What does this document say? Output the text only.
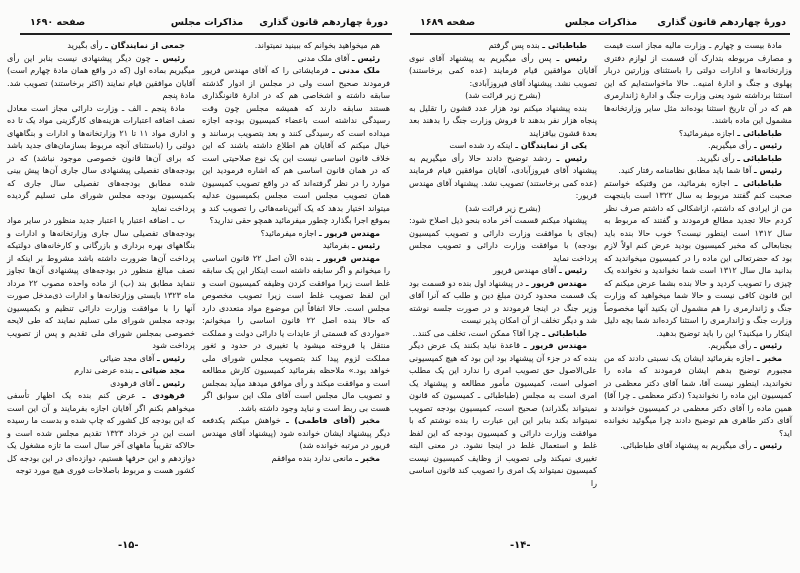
دورهٔ چهاردهم قانون گذاری
مذاکرات مجلس
صفحه ۱۶۹۰

هم میخواهید بخوانم که ببینید نمیتواند.

رئیس ـ آقای ملک مدنی

ملک مدنی ـ فرمایشاتی را که آقای مهندس فریور فرمودند صحیح است ولی در مجلس از ادوار گذشته سابقه داشته و اشخاصی هم که در ادارهٔ قانونگذاری هستند سابقه دارند که همیشه مجلس چون وقت رسیدگی نداشته است باعضاء کمیسیون بودجه اجازه میداده است که رسیدگی کنند و بعد بتصویب برسانند و خیال میکنم که آقایان هم اطلاع داشته باشند که این خلاف قانون اساسی نیست این یک نوع صلاحیتی است که در همان قانون اساسی هم که اشاره فرمودید این موارد را در نظر گرفته‌اند که در واقع تصویب کمیسیون همان تصویب مجلس است مجلس بکمیسیون عدلیه میتواند اختیار بدهد که یک آئین‌نامه‌هائی را تصویب کند و بموقع اجرا بگذارد چطور میفرمائید همچو حقی ندارید؟

مهندس فریور ـ اجازه میفرمائید؟

رئیس ـ بفرمائید

مهندس فریور ـ بنده الآن اصل ۲۲ قانون اساسی را میخوانم و اگر سابقه داشته است اینکار این یک سابقه غلط است زیرا موافقت کردن وظیفه کمیسیون است و این لفظ تصویب غلط است زیرا تصویب مخصوص مجلس است. حالا اتفاقاً این موضوع مواد متعددی دارد که حالا بنده اصل ۲۲ قانون اساسی را میخوانم: «مواردی که قسمتی از عایدات یا دارائی دولت و مملکت منتقل یا فروخته میشود یا تغییری در حدود و ثغور مملکت لزوم پیدا کند بتصویب مجلس شورای ملی خواهد بود.» ملاحظه بفرمائید کمیسیون کارش مطالعه است و موافقت میکند و رأی موافق میدهد میآید بمجلس و تصویب مال مجلس است آقای ملک این سوابق اگر هست بی ربط است و نباید وجود داشته باشد.

مخبر (آقای فاطمی) ـ خواهش میکنم یکدفعه دیگر پیشنهاد ایشان خوانده شود (پیشنهاد آقای مهندس فریور در مرتبه خوانده شد)

مخبر ـ مانعی ندارد بنده موافقم

جمعی از نمایندگان ـ رأی بگیرید

رئیس ـ چون دیگر پیشنهادی نیست بنابر این رأی میگیریم بماده اول (که در واقع همان مادهٔ چهارم است) آقایان موافقین قیام نمایند (اکثر برخاستند) تصویب شد. مادهٔ پنجم

مادهٔ پنجم ـ الف ـ وزارت دارائی مجاز است معادل نصف اضافه اعتبارات هزینه‌های کارگزینی مواد یک تا ده و اداری مواد ۱۱ تا ۲۱ وزارتخانه‌ها و ادارات و بنگاههای دولتی را (باستثنای آنچه مربوط بسازمان‌های جدید باشد که برای آن‌ها قانون خصوصی موجود نباشد) که در بودجه‌های تفصیلی پیشنهادی سال جاری آن‌ها پیش بینی شده مطابق بودجه‌های تفصیلی سال جاری که بکمیسیون بودجه مجلس شورای ملی تسلیم گردیده پرداخت نماید

ب ـ اضافه اعتبار یا اعتبار جدید منظور در سایر مواد بودجه‌های تفصیلی سال جاری وزارتخانه‌ها و ادارات و بنگاههای بهره برداری و بازرگانی و کارخانه‌های دولتیکه پرداخت آن‌ها ضرورت داشته باشد مشروط بر اینکه از نصف مبالغ منظور در بودجه‌های پیشنهادی آن‌ها تجاوز ننماید مطابق بند (ب) از ماده واحده مصوب ۲۲ مرداد ماه ۱۳۲۳ بایستی وزارتخانه‌ها و ادارات ذی‌مدخل صورت آنها را با موافقت وزارت دارائی تنظیم و بکمیسیون بودجه مجلس شورای ملی تسلیم نمایند که طی لایحه خصوصی بمجلس شورای ملی تقدیم و پس از تصویب پرداخت شود

رئیس ـ آقای مجد ضیائی

مجد ضیائی ـ بنده عرضی ندارم

رئیس ـ آقای فرهودی

فرهودی ـ عرض کنم بنده یک اظهار تأسفی میخواهم بکنم اگر آقایان اجازه بفرمایند و آن این است که این بودجه کل کشور که چاپ شده و بدست ما رسیده است این در خرداد ۱۳۲۳ تقدیم مجلس شده است و حالاکه تقریباً ماههای آخر سال است ما تازه مشغول یک دوازدهم و این حرفها هستیم، دوازده‌ای در این بودجه کل کشور هست و مربوط باصلاحات فوری هیچ مورد توجه

-۱۵-
دورهٔ چهاردهم قانون گذاری
مذاکرات مجلس
صفحه ۱۶۸۹

مادهٔ بیست و چهارم ـ وزارت مالیه مجاز است قیمت و مصارف مربوطه بتدارک آن قسمت از لوازم دفتری وزارتخانه‌ها و ادارات دولتی را باستثنای وزارتین دربار پهلوی و جنگ و ادارهٔ امنیه.. حالا ماخواسته‌ایم که این استثنا برداشته شود یعنی وزارت جنگ و ادارهٔ ژاندارمری هم که در آن تاریخ استثنا بوده‌اند مثل سایر وزارتخانه‌ها مشمول این ماده باشند.

طباطبائی ـ اجازه میفرمائید؟

رئیس ـ رأی میگیریم.

طباطبائی ـ رأی نگیرید.

رئیس ـ آقا شما باید مطابق نظامنامه رفتار کنید.

طباطبائی ـ اجازه بفرمائید، من وقتیکه خواستم صحبت کنم گفتند مربوط به سال ۱۳۲۲ است باینجهت من از ایرادی که داشتم، ازاشکالی که داشتم صرف نظر کردم حالا تجدید مطالع فرمودند و گفتند که مربوط به سال ۱۳۱۲ است اینطور نیست؟ خوب حالا بنده باید بجنابعالی که مخبر کمیسیون بودید عرض کنم اولاً لازم بود که حضرتعالی این ماده را در کمیسیون میخواندید که بدانید مال سال ۱۳۱۲ است شما نخواندید و نخوانده یک چیزی را تصویب کردید و حالا بنده بشما عرض میکنم که این قانون کافی نیست و حالا شما میخواهید که وزارت جنگ و ژاندارمری را هم مشمول آن بکنید آنها مخصوصاً وزارت جنگ و ژاندارمری را استثنا کرده‌اند شما بچه دلیل اینکار را میکنید؟ این را باید توضیح بدهید.

رئیس ـ رأی میگیریم.

مخبر ـ اجازه بفرمائید ایشان یک نسبتی دادند که من مجبورم توضیح بدهم ایشان فرمودند که ماده را نخواندید، اینطور نیست آقا، شما آقای دکتر معظمی در کمیسیون این ماده را نخواندید؟ (دکتر معظمی ـ چرا آقا) همین ماده را آقای دکتر معظمی در کمیسیون خواندند و آقای دکتر طاهری هم توضیح دادند چرا میگوئید نخوانده اید؟

رئیس ـ رأی میگیریم به پیشنهاد آقای طباطبائی.

طباطبائی ـ بنده پس گرفتم

رئیس ـ پس رأی میگیریم به پیشنهاد آقای نبوی آقایان موافقین قیام فرمایند (عده کمی برخاستند) تصویب نشد. پیشنهاد آقای فیروزآبادی:

(بشرح زیر قرائت شد)

بنده پیشنهاد میکنم نود هزار عدد قشون را تقلیل به پنجاه هزار نفر بدهند تا فروش وزارت جنگ را بدهند بعد بعدهٔ قشون بیافزایند

یکی از نمایندگان ـ اینکه رد شده است

رئیس ـ ردشد توضیح دادند حالا رأی میگیریم به پیشنهاد آقای فیروزآبادی، آقایان موافقین قیام فرمایند (عده کمی برخاستند) تصویب نشد. پیشنهاد آقای مهندس فریور:

(بشرح زیر قرائت شد)

پیشنهاد میکنم قسمت آخر ماده بنحو ذیل اصلاح شود: (بجای با موافقت وزارت دارائی و تصویب کمیسیون بودجه) با موافقت وزارت دارائی و تصویب مجلس پرداخت نماید

رئیس ـ آقای مهندس فریور

مهندس فریور ـ در پیشنهاد اول بنده دو قسمت بود یک قسمت محدود کردن مبلغ دین و طلب که آنرا آقای وزیر جنگ در اینجا فرمودند و در صورت جلسه نوشته شد و دیگر تخلف از آن امکان پذیر نیست

طباطبائی ـ چرا آقا؟ ممکن است، تخلف می کنند..

مهندس فریور ـ قاعدة نباید بکنند یک عرض دیگر بنده که در جزء آن پیشنهاد بود این بود که هیچ کمیسیونی علی‌الاصول حق تصویب امری را ندارد این یک مطلب اصولی است، کمیسیون مأمور مطالعه و پیشنهاد یک امری است به مجلس (طباطبائی ـ کمیسیون که قانون نمیتواند بگذراند) صحیح است، کمیسیون بودجه تصویب نمیتواند بکند بنابر این این عبارت را بنده نوشتم که با موافقت وزارت دارائی و کمیسیون بودجه که این لفظ غلط و استعمال غلط در اینجا نشود. در معنی البته تغییری نمیکند ولی تصویب از وظایف کمیسیون نیست کمیسیون نمیتواند یک امری را تصویب کند قانون اساسی را

-۱۴-
